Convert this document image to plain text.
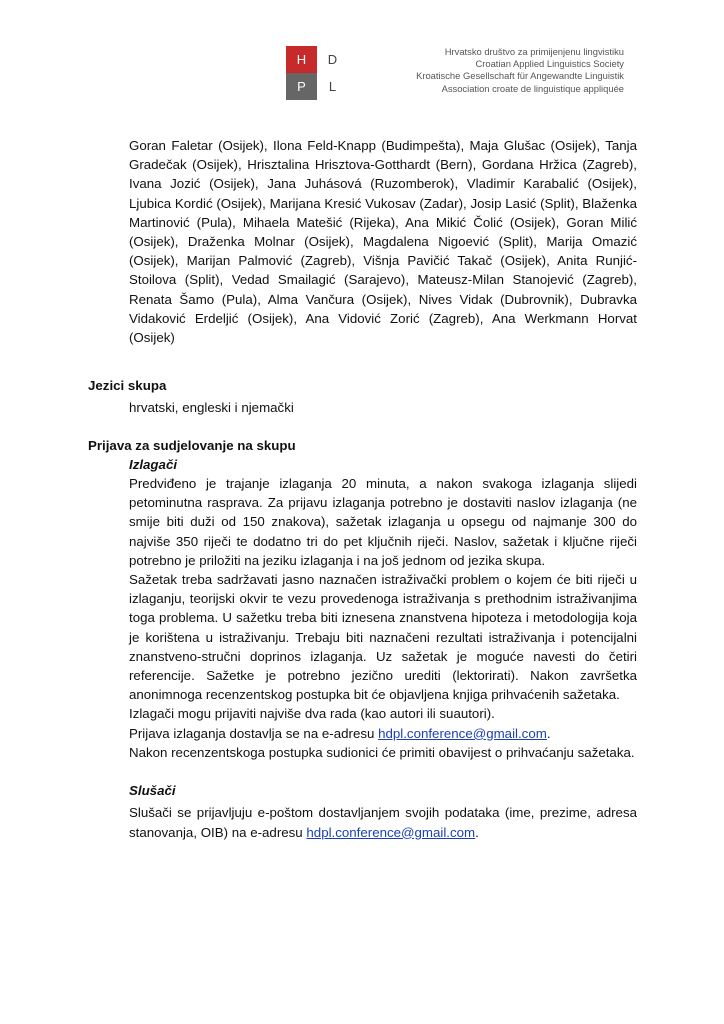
H	D
P	L
Hrvatsko društvo za primijenjenu lingvistiku
Croatian Applied Linguistics Society
Kroatische Gesellschaft für Angewandte Linguistik
Association croate de linguistique appliquée

Goran Faletar (Osijek), Ilona Feld-Knapp (Budimpešta), Maja Glušac (Osijek), Tanja Gradečak (Osijek), Hrisztalina Hrisztova-Gotthardt (Bern), Gordana Hržica (Zagreb), Ivana Jozić (Osijek), Jana Juhásová (Ruzomberok), Vladimir Karabalić (Osijek), Ljubica Kordić (Osijek), Marijana Kresić Vukosav (Zadar), Josip Lasić (Split), Blaženka Martinović (Pula), Mihaela Matešić (Rijeka), Ana Mikić Čolić (Osijek), Goran Milić (Osijek), Draženka Molnar (Osijek), Magdalena Nigoević (Split), Marija Omazić (Osijek), Marijan Palmović (Zagreb), Višnja Pavičić Takač (Osijek), Anita Runjić-Stoilova (Split), Vedad Smailagić (Sarajevo), Mateusz-Milan Stanojević (Zagreb), Renata Šamo (Pula), Alma Vančura (Osijek), Nives Vidak (Dubrovnik), Dubravka Vidaković Erdeljić (Osijek), Ana Vidović Zorić (Zagreb), Ana Werkmann Horvat (Osijek)

Jezici skupa

hrvatski, engleski i njemački

Prijava za sudjelovanje na skupu
Izlagači

Predviđeno je trajanje izlaganja 20 minuta, a nakon svakoga izlaganja slijedi petominutna rasprava. Za prijavu izlaganja potrebno je dostaviti naslov izlaganja (ne smije biti duži od 150 znakova), sažetak izlaganja u opsegu od najmanje 300 do najviše 350 riječi te dodatno tri do pet ključnih riječi. Naslov, sažetak i ključne riječi potrebno je priložiti na jeziku izlaganja i na još jednom od jezika skupa.

Sažetak treba sadržavati jasno naznačen istraživački problem o kojem će biti riječi u izlaganju, teorijski okvir te vezu provedenoga istraživanja s prethodnim istraživanjima toga problema. U sažetku treba biti iznesena znanstvena hipoteza i metodologija koja je korištena u istraživanju. Trebaju biti naznačeni rezultati istraživanja i potencijalni znanstveno-stručni doprinos izlaganja. Uz sažetak je moguće navesti do četiri referencije. Sažetke je potrebno jezično urediti (lektorirati). Nakon završetka anonimnoga recenzentskog postupka bit će objavljena knjiga prihvaćenih sažetaka.

Izlagači mogu prijaviti najviše dva rada (kao autori ili suautori).

Prijava izlaganja dostavlja se na e-adresu hdpl.conference@gmail.com.

Nakon recenzentskoga postupka sudionici će primiti obavijest o prihvaćanju sažetaka.

Slušači

Slušači se prijavljuju e-poštom dostavljanjem svojih podataka (ime, prezime, adresa stanovanja, OIB) na e-adresu hdpl.conference@gmail.com.
